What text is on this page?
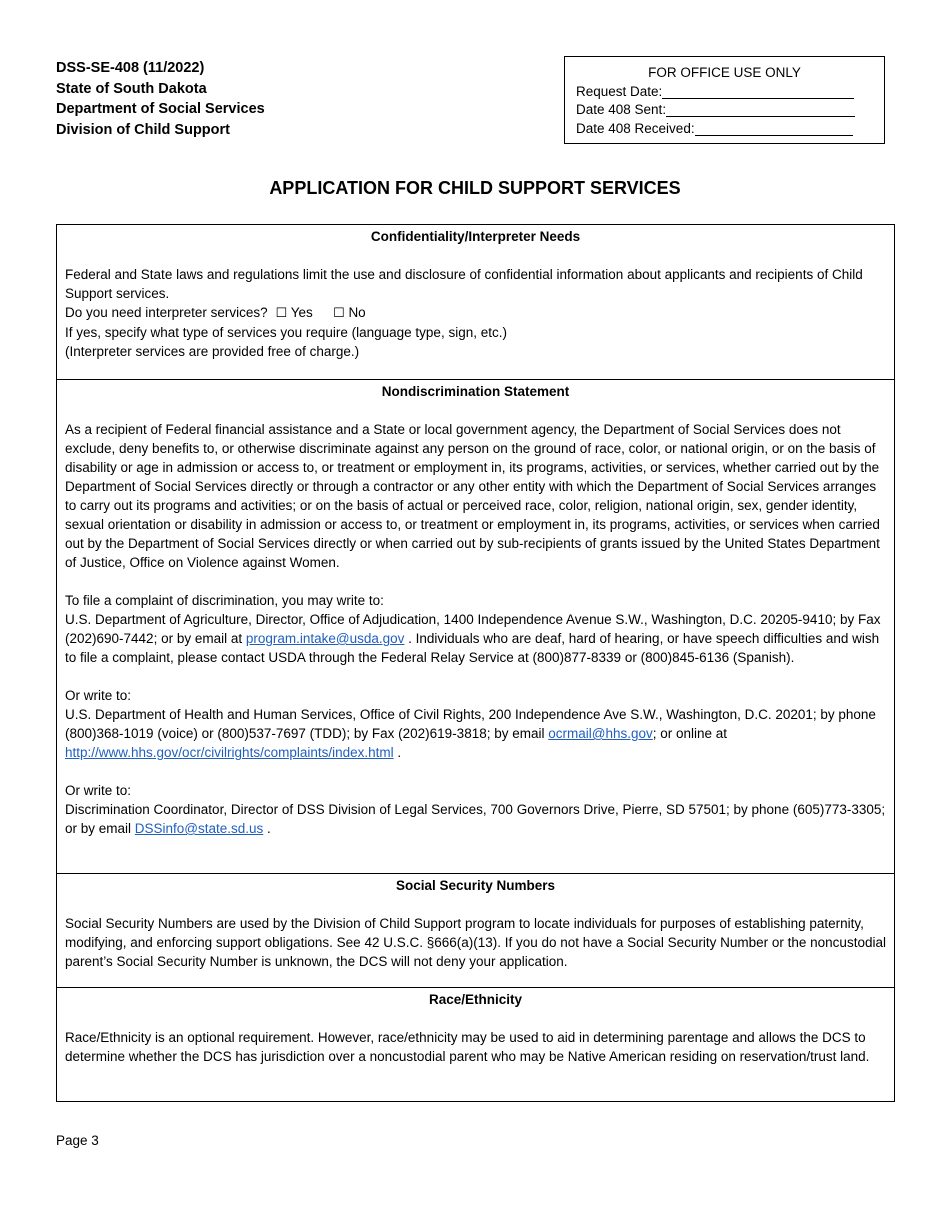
DSS-SE-408 (11/2022)
State of South Dakota
Department of Social Services
Division of Child Support
FOR OFFICE USE ONLY
Request Date:
Date 408 Sent:
Date 408 Received:
APPLICATION FOR CHILD SUPPORT SERVICES
Confidentiality/Interpreter Needs

Federal and State laws and regulations limit the use and disclosure of confidential information about applicants and recipients of Child Support services.

Do you need interpreter services?  ☐ Yes     ☐ No

If yes, specify what type of services you require (language type, sign, etc.)

(Interpreter services are provided free of charge.)

Nondiscrimination Statement

As a recipient of Federal financial assistance and a State or local government agency, the Department of Social Services does not exclude, deny benefits to, or otherwise discriminate against any person on the ground of race, color, or national origin, or on the basis of disability or age in admission or access to, or treatment or employment in, its programs, activities, or services, whether carried out by the Department of Social Services directly or through a contractor or any other entity with which the Department of Social Services arranges to carry out its programs and activities; or on the basis of actual or perceived race, color, religion, national origin, sex, gender identity, sexual orientation or disability in admission or access to, or treatment or employment in, its programs, activities, or services when carried out by the Department of Social Services directly or when carried out by sub-recipients of grants issued by the United States Department of Justice, Office on Violence against Women.

To file a complaint of discrimination, you may write to:

U.S. Department of Agriculture, Director, Office of Adjudication, 1400 Independence Avenue S.W., Washington, D.C. 20205-9410; by Fax (202)690-7442; or by email at program.intake@usda.gov . Individuals who are deaf, hard of hearing, or have speech difficulties and wish to file a complaint, please contact USDA through the Federal Relay Service at (800)877-8339 or (800)845-6136 (Spanish).

Or write to:

U.S. Department of Health and Human Services, Office of Civil Rights, 200 Independence Ave S.W., Washington, D.C. 20201; by phone (800)368-1019 (voice) or (800)537-7697 (TDD); by Fax (202)619-3818; by email ocrmail@hhs.gov; or online at http://www.hhs.gov/ocr/civilrights/complaints/index.html .

Or write to:

Discrimination Coordinator, Director of DSS Division of Legal Services, 700 Governors Drive, Pierre, SD 57501; by phone (605)773-3305; or by email DSSinfo@state.sd.us .

Social Security Numbers

Social Security Numbers are used by the Division of Child Support program to locate individuals for purposes of establishing paternity, modifying, and enforcing support obligations. See 42 U.S.C. §666(a)(13). If you do not have a Social Security Number or the noncustodial parent’s Social Security Number is unknown, the DCS will not deny your application.

Race/Ethnicity

Race/Ethnicity is an optional requirement. However, race/ethnicity may be used to aid in determining parentage and allows the DCS to determine whether the DCS has jurisdiction over a noncustodial parent who may be Native American residing on reservation/trust land.

Page 3
